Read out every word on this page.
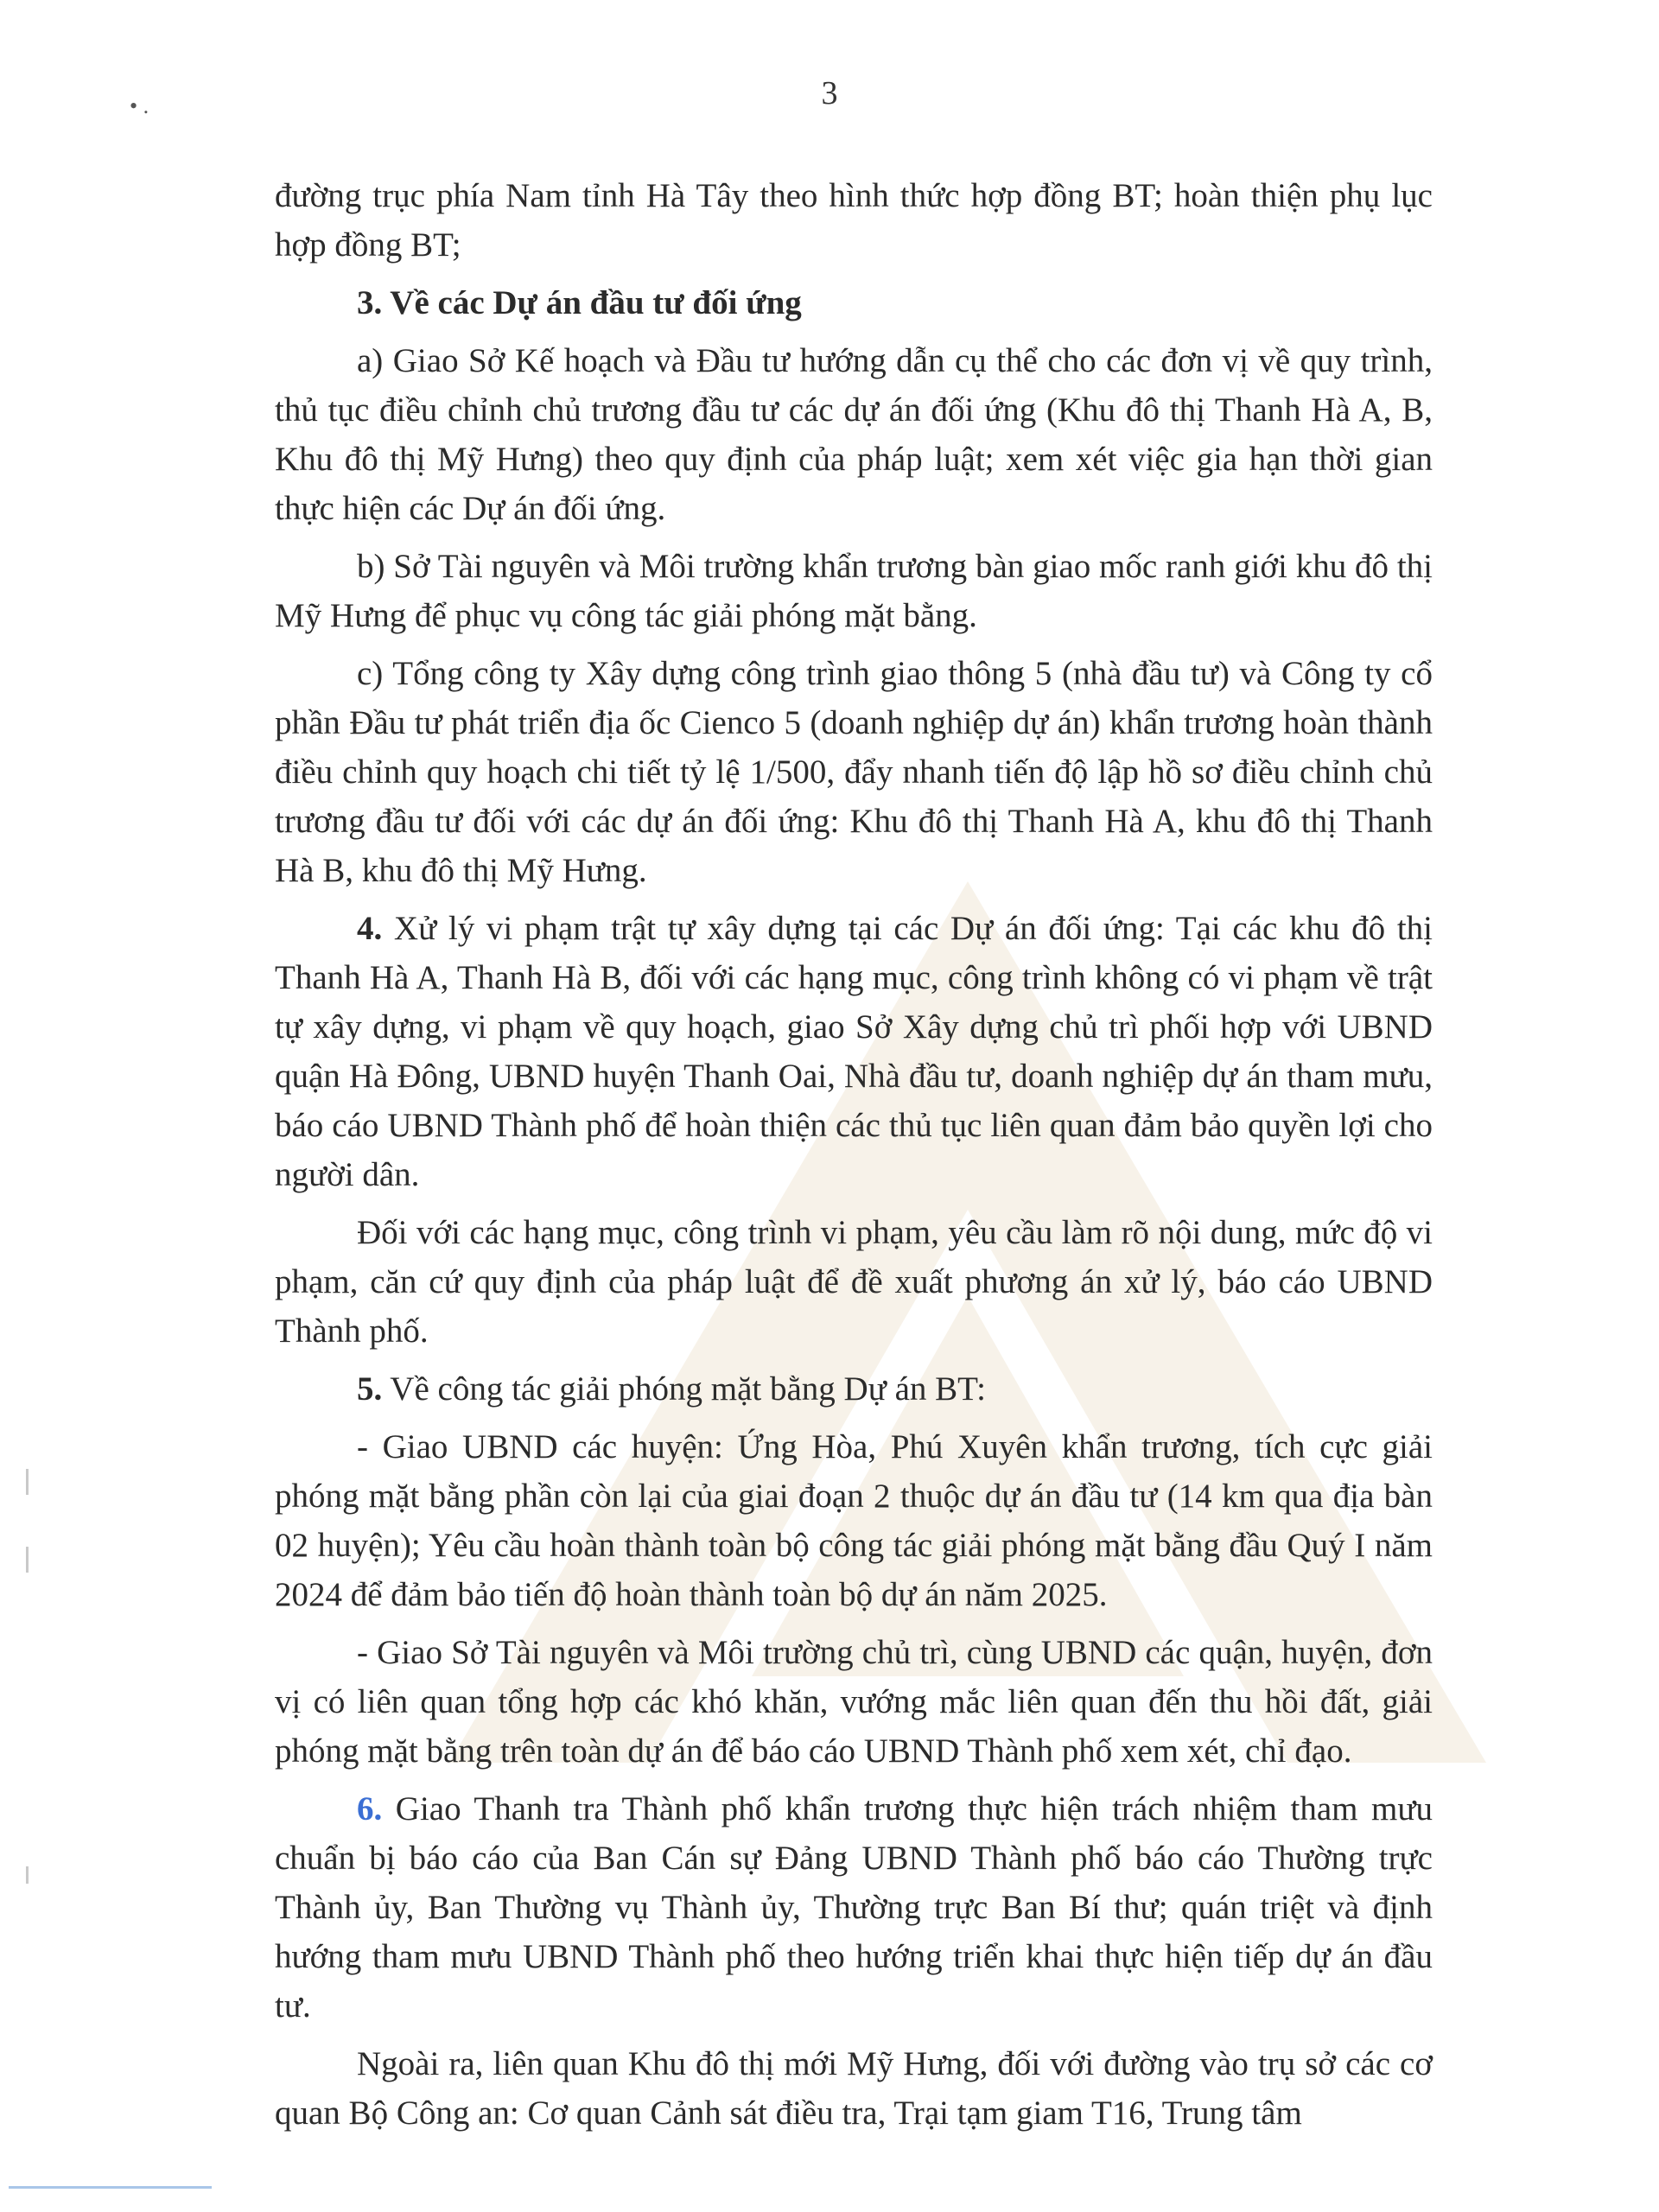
• .	3

đường trục phía Nam tỉnh Hà Tây theo hình thức hợp đồng BT; hoàn thiện phụ lục hợp đồng BT;

3. Về các Dự án đầu tư đối ứng

a) Giao Sở Kế hoạch và Đầu tư hướng dẫn cụ thể cho các đơn vị về quy trình, thủ tục điều chỉnh chủ trương đầu tư các dự án đối ứng (Khu đô thị Thanh Hà A, B, Khu đô thị Mỹ Hưng) theo quy định của pháp luật; xem xét việc gia hạn thời gian thực hiện các Dự án đối ứng.

b) Sở Tài nguyên và Môi trường khẩn trương bàn giao mốc ranh giới khu đô thị Mỹ Hưng để phục vụ công tác giải phóng mặt bằng.

c) Tổng công ty Xây dựng công trình giao thông 5 (nhà đầu tư) và Công ty cổ phần Đầu tư phát triển địa ốc Cienco 5 (doanh nghiệp dự án) khẩn trương hoàn thành điều chỉnh quy hoạch chi tiết tỷ lệ 1/500, đẩy nhanh tiến độ lập hồ sơ điều chỉnh chủ trương đầu tư đối với các dự án đối ứng: Khu đô thị Thanh Hà A, khu đô thị Thanh Hà B, khu đô thị Mỹ Hưng.

4. Xử lý vi phạm trật tự xây dựng tại các Dự án đối ứng: Tại các khu đô thị Thanh Hà A, Thanh Hà B, đối với các hạng mục, công trình không có vi phạm về trật tự xây dựng, vi phạm về quy hoạch, giao Sở Xây dựng chủ trì phối hợp với UBND quận Hà Đông, UBND huyện Thanh Oai, Nhà đầu tư, doanh nghiệp dự án tham mưu, báo cáo UBND Thành phố để hoàn thiện các thủ tục liên quan đảm bảo quyền lợi cho người dân.

Đối với các hạng mục, công trình vi phạm, yêu cầu làm rõ nội dung, mức độ vi phạm, căn cứ quy định của pháp luật để đề xuất phương án xử lý, báo cáo UBND Thành phố.

5. Về công tác giải phóng mặt bằng Dự án BT:

- Giao UBND các huyện: Ứng Hòa, Phú Xuyên khẩn trương, tích cực giải phóng mặt bằng phần còn lại của giai đoạn 2 thuộc dự án đầu tư (14 km qua địa bàn 02 huyện); Yêu cầu hoàn thành toàn bộ công tác giải phóng mặt bằng đầu Quý I năm 2024 để đảm bảo tiến độ hoàn thành toàn bộ dự án năm 2025.

- Giao Sở Tài nguyên và Môi trường chủ trì, cùng UBND các quận, huyện, đơn vị có liên quan tổng hợp các khó khăn, vướng mắc liên quan đến thu hồi đất, giải phóng mặt bằng trên toàn dự án để báo cáo UBND Thành phố xem xét, chỉ đạo.

6. Giao Thanh tra Thành phố khẩn trương thực hiện trách nhiệm tham mưu chuẩn bị báo cáo của Ban Cán sự Đảng UBND Thành phố báo cáo Thường trực Thành ủy, Ban Thường vụ Thành ủy, Thường trực Ban Bí thư; quán triệt và định hướng tham mưu UBND Thành phố theo hướng triển khai thực hiện tiếp dự án đầu tư.

Ngoài ra, liên quan Khu đô thị mới Mỹ Hưng, đối với đường vào trụ sở các cơ quan Bộ Công an: Cơ quan Cảnh sát điều tra, Trại tạm giam T16, Trung tâm
